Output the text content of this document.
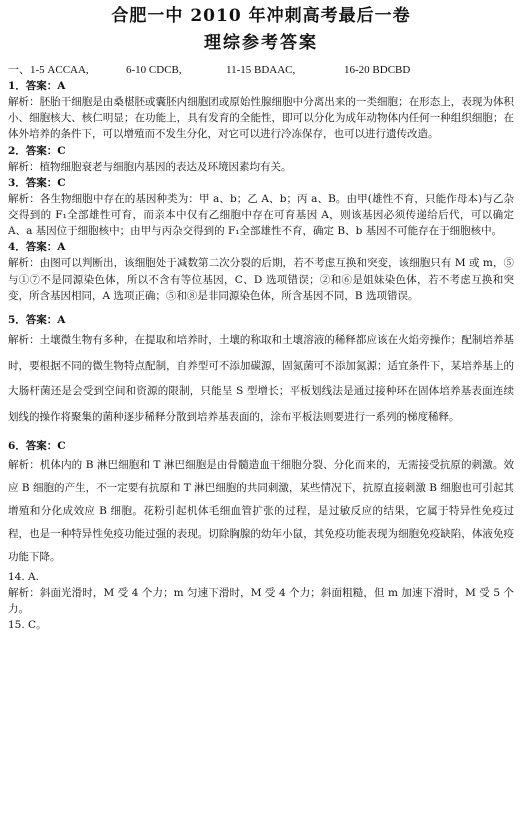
合肥一中 2010 年冲刺高考最后一卷
理综参考答案
一、1-5 ACCAA,	6-10 CDCB,	11-15 BDAAC,	16-20 BDCBD
1．答案：A
解析：胚胎干细胞是由桑椹胚或囊胚内细胞团或原始性腺细胞中分离出来的一类细胞；在形态上，表现为体积小、细胞核大、核仁明显；在功能上，具有发育的全能性，即可以分化为成年动物体内任何一种组织细胞；在体外培养的条件下，可以增殖而不发生分化，对它可以进行冷冻保存，也可以进行遗传改造。
2．答案：C
解析：植物细胞衰老与细胞内基因的表达及环境因素均有关。
3．答案：C
解析：各生物细胞中存在的基因种类为：甲 a、b；乙 A、b；丙 a、B。由甲(雄性不育，只能作母本)与乙杂交得到的 F₁全部雄性可育，而亲本中仅有乙细胞中存在可育基因 A，则该基因必须传递给后代，可以确定 A、a 基因位于细胞核中；由甲与丙杂交得到的 F₁全部雄性不育，确定 B、b 基因不可能存在于细胞核中。
4．答案：A
解析：由图可以判断出，该细胞处于减数第二次分裂的后期，若不考虑互换和突变，该细胞只有 M 或 m，⑤与①⑦不是同源染色体，所以不含有等位基因，C、D 选项错误；②和⑥是姐妹染色体，若不考虑互换和突变，所含基因相同，A 选项正确；⑤和⑧是非同源染色体，所含基因不同，B 选项错误。
5．答案：A
解析：土壤微生物有多种，在提取和培养时，土壤的称取和土壤溶液的稀释都应该在火焰旁操作；配制培养基时，要根据不同的微生物特点配制，自养型可不添加碳源，固氮菌可不添加氮源；适宜条件下，某培养基上的大肠杆菌还是会受到空间和资源的限制，只能呈 S 型增长；平板划线法是通过接种环在固体培养基表面连续划线的操作将聚集的菌种逐步稀释分散到培养基表面的，涂布平板法则要进行一系列的梯度稀释。
6．答案：C
解析：机体内的 B 淋巴细胞和 T 淋巴细胞是由骨髓造血干细胞分裂、分化而来的，无需接受抗原的刺激。效应 B 细胞的产生，不一定要有抗原和 T 淋巴细胞的共同刺激，某些情况下，抗原直接刺激 B 细胞也可引起其增殖和分化成效应 B 细胞。花粉引起机体毛细血管扩张的过程，是过敏反应的结果，它属于特异性免疫过程，也是一种特异性免疫功能过强的表现。切除胸腺的幼年小鼠，其免疫功能表现为细胞免疫缺陷，体液免疫功能下降。
14. A.
解析：斜面光滑时，M 受 4 个力；m 匀速下滑时，M 受 4 个力；斜面粗糙，但 m 加速下滑时，M 受 5 个力。
15. C。
